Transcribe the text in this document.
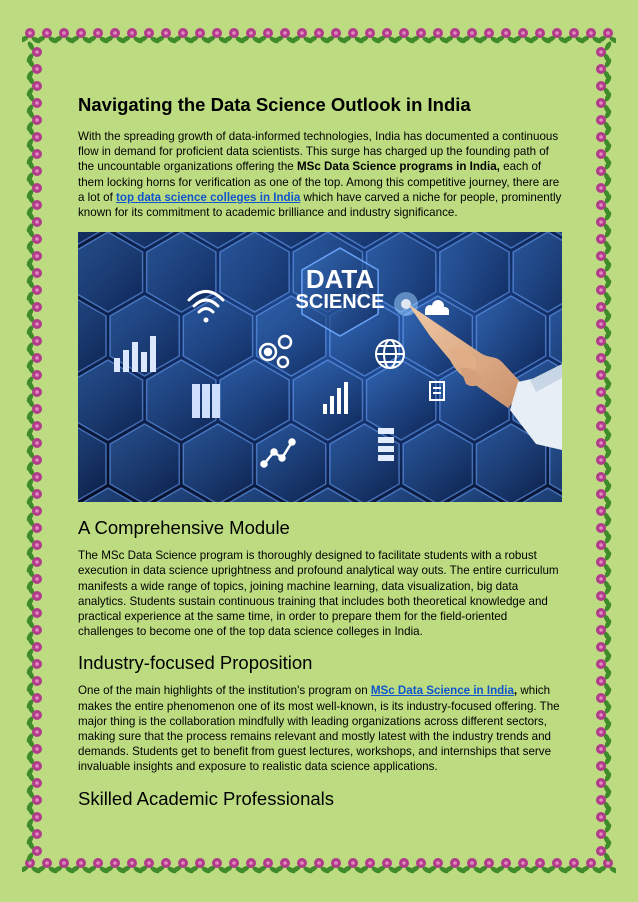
Navigating the Data Science Outlook in India

With the spreading growth of data-informed technologies, India has documented a continuous flow in demand for proficient data scientists. This surge has charged up the founding path of the uncountable organizations offering the MSc Data Science programs in India, each of them locking horns for verification as one of the top. Among this competitive journey, there are a lot of top data science colleges in India which have carved a niche for people, prominently known for its commitment to academic brilliance and industry significance.

DATA
SCIENCE
A Comprehensive Module

The MSc Data Science program is thoroughly designed to facilitate students with a robust execution in data science uprightness and profound analytical way outs. The entire curriculum manifests a wide range of topics, joining machine learning, data visualization, big data analytics. Students sustain continuous training that includes both theoretical knowledge and practical experience at the same time, in order to prepare them for the field-oriented challenges to become one of the top data science colleges in India.

Industry-focused Proposition

One of the main highlights of the institution's program on MSc Data Science in India, which makes the entire phenomenon one of its most well-known, is its industry-focused offering. The major thing is the collaboration mindfully with leading organizations across different sectors, making sure that the process remains relevant and mostly latest with the industry trends and demands. Students get to benefit from guest lectures, workshops, and internships that serve invaluable insights and exposure to realistic data science applications.

Skilled Academic Professionals
